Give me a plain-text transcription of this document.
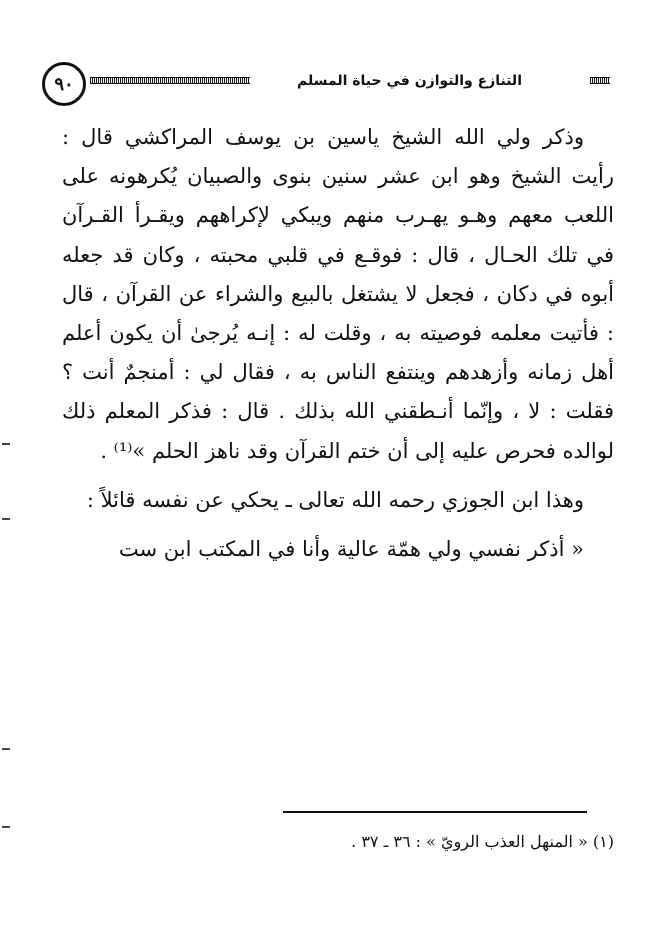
٩٠	التنازع والتوازن في حياة المسلم

وذكر ولي الله الشيخ ياسين بن يوسف المراكشي قال : رأيت الشيخ وهو ابن عشر سنين بنوى والصبيان يُكرهونه على اللعب معهم وهـو يهـرب منهم ويبكي لإكراههم ويقـرأ القـرآن في تلك الحـال ، قال : فوقـع في قلبي محبته ، وكان قد جعله أبوه في دكان ، فجعل لا يشتغل بالبيع والشراء عن القرآن ، قال : فأتيت معلمه فوصيته به ، وقلت له : إنـه يُرجىٰ أن يكون أعلم أهل زمانه وأزهدهم وينتفع الناس به ، فقال لي : أمنجمٌ أنت ؟ فقلت : لا ، وإنّما أنـطقني الله بذلك . قال : فذكر المعلم ذلك لوالده فحرص عليه إلى أن ختم القرآن وقد ناهز الحلم »⁽¹⁾ .

وهذا ابن الجوزي رحمه الله تعالى ـ يحكي عن نفسه قائلاً :

« أذكر نفسي ولي همّة عالية وأنا في المكتب ابن ست

(١) « المنهل العذب الرويّ » : ٣٦ ـ ٣٧ .
